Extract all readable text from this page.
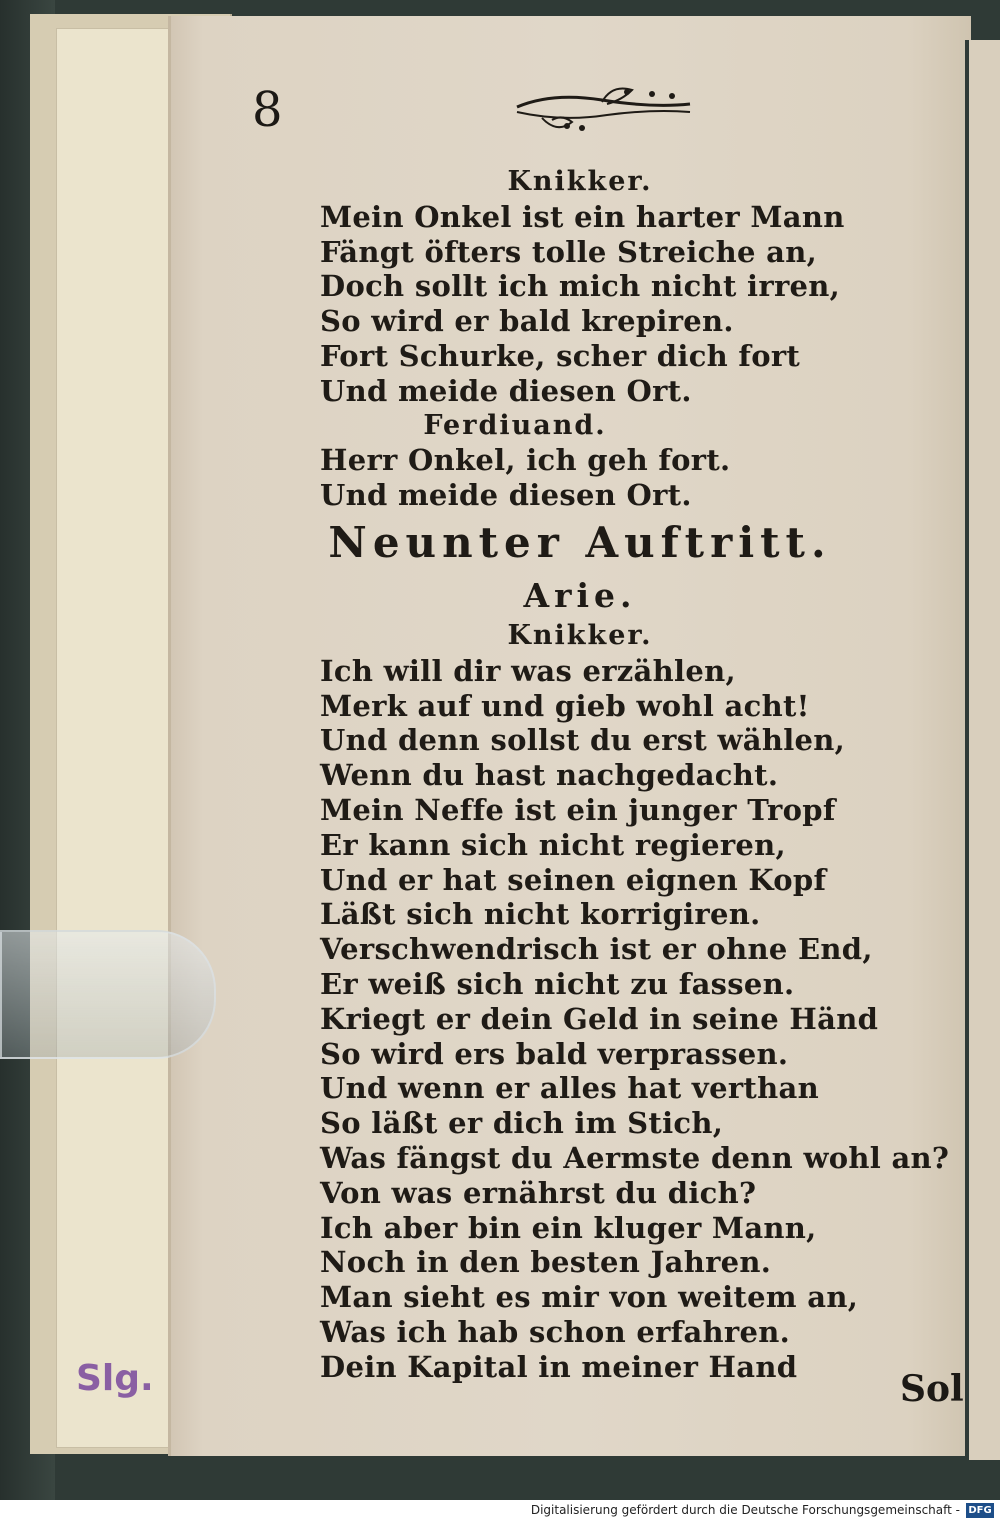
Slg.
8
Knikker.
Mein Onkel ist ein harter Mann
Fängt öfters tolle Streiche an,
Doch sollt ich mich nicht irren,
So wird er bald krepiren.
Fort Schurke, scher dich fort
Und meide diesen Ort.
Ferdiuand.
Herr Onkel, ich geh fort.
Und meide diesen Ort.
Neunter Auftritt.
Arie.
Knikker.
Ich will dir was erzählen,
Merk auf und gieb wohl acht!
Und denn sollst du erst wählen,
Wenn du hast nachgedacht.
Mein Neffe ist ein junger Tropf
Er kann sich nicht regieren,
Und er hat seinen eignen Kopf
Läßt sich nicht korrigiren.
Verschwendrisch ist er ohne End,
Er weiß sich nicht zu fassen.
Kriegt er dein Geld in seine Händ
So wird ers bald verprassen.
Und wenn er alles hat verthan
So läßt er dich im Stich,
Was fängst du Aermste denn wohl an?
Von was ernährst du dich?
Ich aber bin ein kluger Mann,
Noch in den besten Jahren.
Man sieht es mir von weitem an,
Was ich hab schon erfahren.
Dein Kapital in meiner Hand
Sol
Digitalisierung gefördert durch die Deutsche Forschungsgemeinschaft - DFG
